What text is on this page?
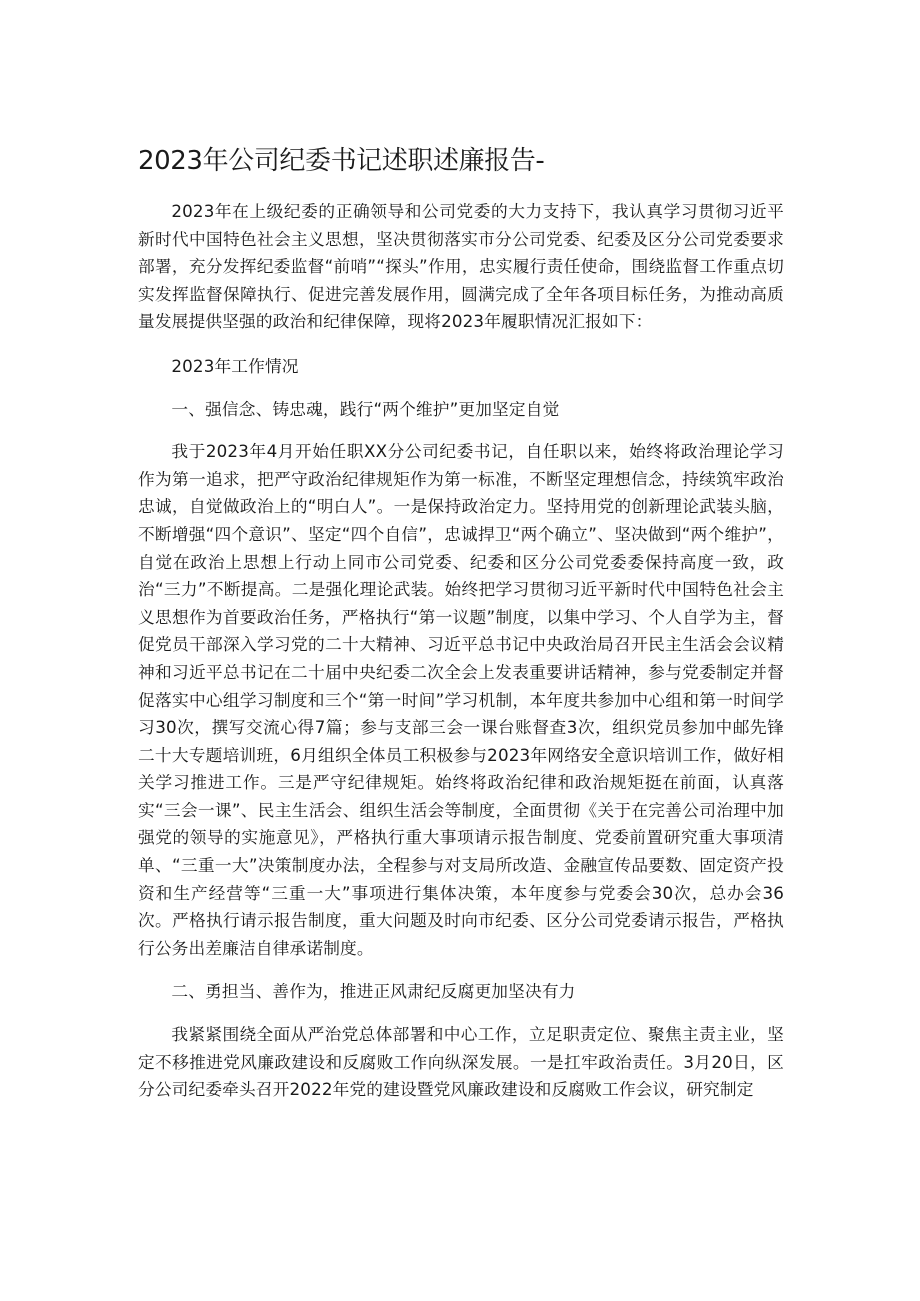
2023年公司纪委书记述职述廉报告-

2023年在上级纪委的正确领导和公司党委的大力支持下，我认真学习贯彻习近平新时代中国特色社会主义思想，坚决贯彻落实市分公司党委、纪委及区分公司党委要求部署，充分发挥纪委监督“前哨”“探头”作用，忠实履行责任使命，围绕监督工作重点切实发挥监督保障执行、促进完善发展作用，圆满完成了全年各项目标任务，为推动高质量发展提供坚强的政治和纪律保障，现将2023年履职情况汇报如下：

2023年工作情况

一、强信念、铸忠魂，践行“两个维护”更加坚定自觉

我于2023年4月开始任职XX分公司纪委书记，自任职以来，始终将政治理论学习作为第一追求，把严守政治纪律规矩作为第一标准，不断坚定理想信念，持续筑牢政治忠诚，自觉做政治上的“明白人”。一是保持政治定力。坚持用党的创新理论武装头脑，不断增强“四个意识”、坚定“四个自信”，忠诚捍卫“两个确立”、坚决做到“两个维护”，自觉在政治上思想上行动上同市公司党委、纪委和区分公司党委委保持高度一致，政治“三力”不断提高。二是强化理论武装。始终把学习贯彻习近平新时代中国特色社会主义思想作为首要政治任务，严格执行“第一议题”制度，以集中学习、个人自学为主，督促党员干部深入学习党的二十大精神、习近平总书记中央政治局召开民主生活会会议精神和习近平总书记在二十届中央纪委二次全会上发表重要讲话精神，参与党委制定并督促落实中心组学习制度和三个“第一时间”学习机制，本年度共参加中心组和第一时间学习30次，撰写交流心得7篇；参与支部三会一课台账督查3次，组织党员参加中邮先锋二十大专题培训班，6月组织全体员工积极参与2023年网络安全意识培训工作，做好相关学习推进工作。三是严守纪律规矩。始终将政治纪律和政治规矩挺在前面，认真落实“三会一课”、民主生活会、组织生活会等制度，全面贯彻《关于在完善公司治理中加强党的领导的实施意见》，严格执行重大事项请示报告制度、党委前置研究重大事项清单、“三重一大”决策制度办法，全程参与对支局所改造、金融宣传品要数、固定资产投资和生产经营等“三重一大”事项进行集体决策，本年度参与党委会30次，总办会36次。严格执行请示报告制度，重大问题及时向市纪委、区分公司党委请示报告，严格执行公务出差廉洁自律承诺制度。

二、勇担当、善作为，推进正风肃纪反腐更加坚决有力

我紧紧围绕全面从严治党总体部署和中心工作，立足职责定位、聚焦主责主业，坚定不移推进党风廉政建设和反腐败工作向纵深发展。一是扛牢政治责任。3月20日，区分公司纪委牵头召开2022年党的建设暨党风廉政建设和反腐败工作会议，研究制定
